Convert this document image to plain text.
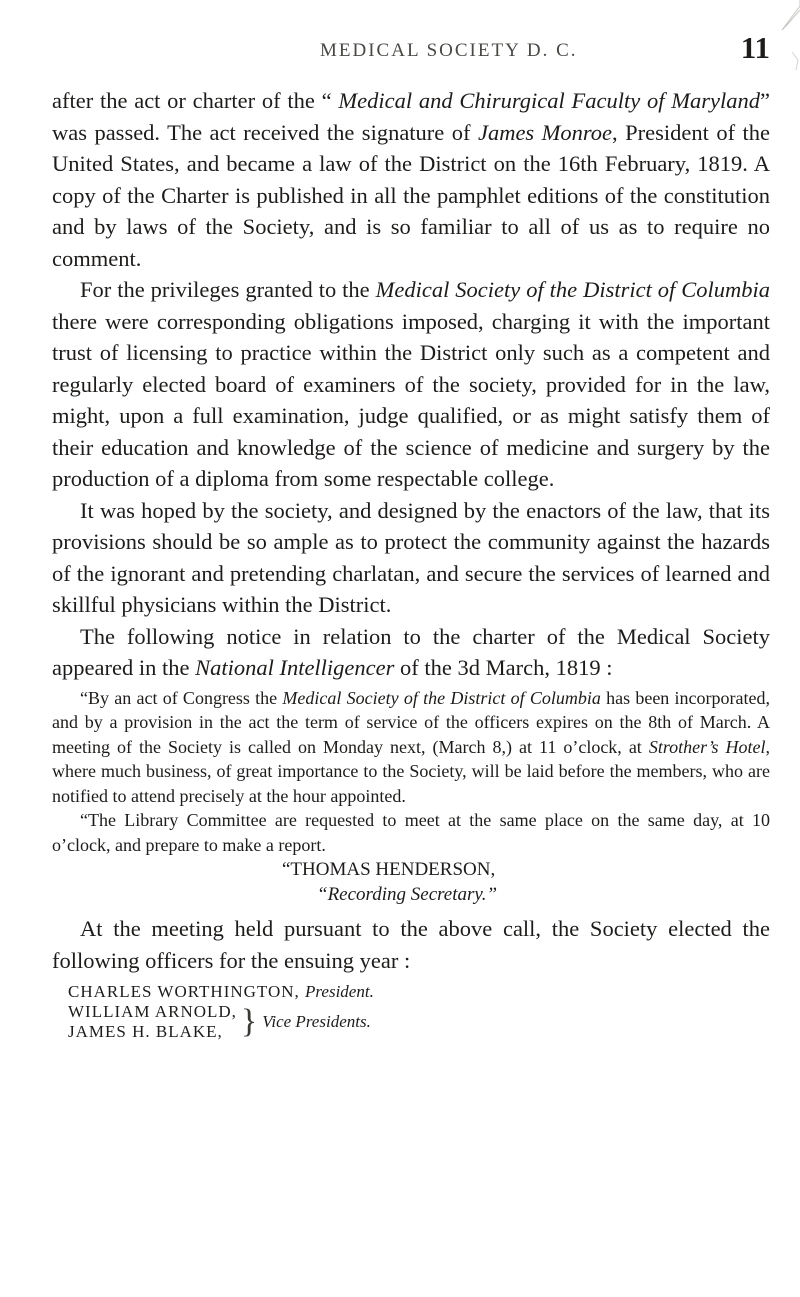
MEDICAL SOCIETY D. C.	11

after the act or charter of the “ Medical and Chirurgical Faculty of Maryland” was passed. The act received the signature of James Monroe, President of the United States, and became a law of the District on the 16th February, 1819. A copy of the Charter is published in all the pamphlet editions of the constitution and by laws of the Society, and is so familiar to all of us as to require no comment.

For the privileges granted to the Medical Society of the District of Columbia there were corresponding obligations imposed, charging it with the important trust of licensing to practice within the District only such as a competent and regularly elected board of examiners of the society, provided for in the law, might, upon a full examination, judge qualified, or as might satisfy them of their education and knowledge of the science of medicine and surgery by the production of a diploma from some respectable college.

It was hoped by the society, and designed by the enactors of the law, that its provisions should be so ample as to protect the community against the hazards of the ignorant and pretending charlatan, and secure the services of learned and skillful physicians within the District.

The following notice in relation to the charter of the Medical Society appeared in the National Intelligencer of the 3d March, 1819 :

“By an act of Congress the Medical Society of the District of Columbia has been incorporated, and by a provision in the act the term of service of the officers expires on the 8th of March. A meeting of the Society is called on Monday next, (March 8,) at 11 o’clock, at Strother’s Hotel, where much business, of great importance to the Society, will be laid before the members, who are notified to attend precisely at the hour appointed.

“The Library Committee are requested to meet at the same place on the same day, at 10 o’clock, and prepare to make a report.

“THOMAS HENDERSON,
“Recording Secretary.”

At the meeting held pursuant to the above call, the Society elected the following officers for the ensuing year :

CHARLES WORTHINGTON, President.
WILLIAM ARNOLD,
JAMES H. BLAKE, } Vice Presidents.
